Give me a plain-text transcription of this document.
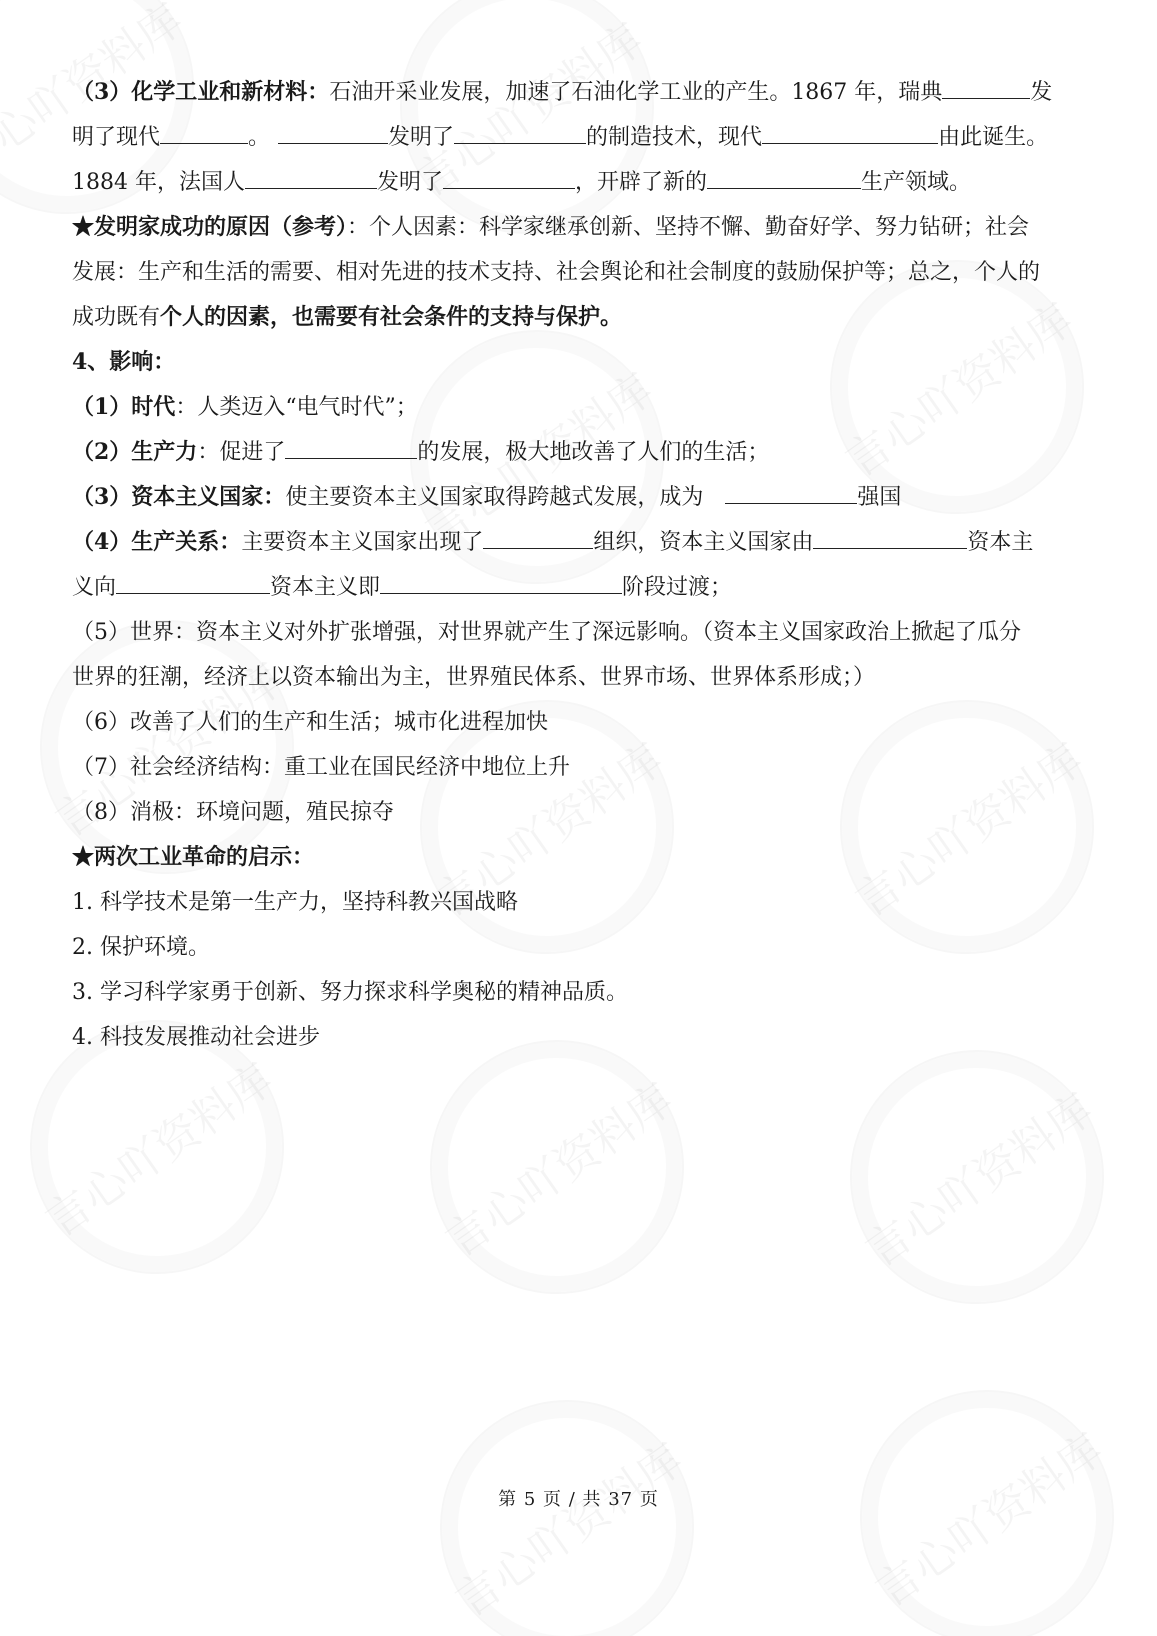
（3）化学工业和新材料：石油开采业发展，加速了石油化学工业的产生。1867 年，瑞典	发

明了现代	。	发明了	的制造技术，现代	由此诞生。

1884 年，法国人	发明了	，开辟了新的	生产领域。

★发明家成功的原因（参考）：个人因素：科学家继承创新、坚持不懈、勤奋好学、努力钻研；社会

发展：生产和生活的需要、相对先进的技术支持、社会舆论和社会制度的鼓励保护等；总之，个人的

成功既有个人的因素，也需要有社会条件的支持与保护。

4、影响：

（1）时代：人类迈入“电气时代”；

（2）生产力：促进了	的发展，极大地改善了人们的生活；

（3）资本主义国家：使主要资本主义国家取得跨越式发展，成为	强国

（4）生产关系：主要资本主义国家出现了	组织，资本主义国家由	资本主

义向	资本主义即	阶段过渡；

（5）世界：资本主义对外扩张增强，对世界就产生了深远影响。（资本主义国家政治上掀起了瓜分

世界的狂潮，经济上以资本输出为主，世界殖民体系、世界市场、世界体系形成；）

（6）改善了人们的生产和生活；城市化进程加快

（7）社会经济结构：重工业在国民经济中地位上升

（8）消极：环境问题，殖民掠夺

★两次工业革命的启示：

1. 科学技术是第一生产力，坚持科教兴国战略

2. 保护环境。

3. 学习科学家勇于创新、努力探求科学奥秘的精神品质。

4. 科技发展推动社会进步

第 5 页 / 共 37 页
